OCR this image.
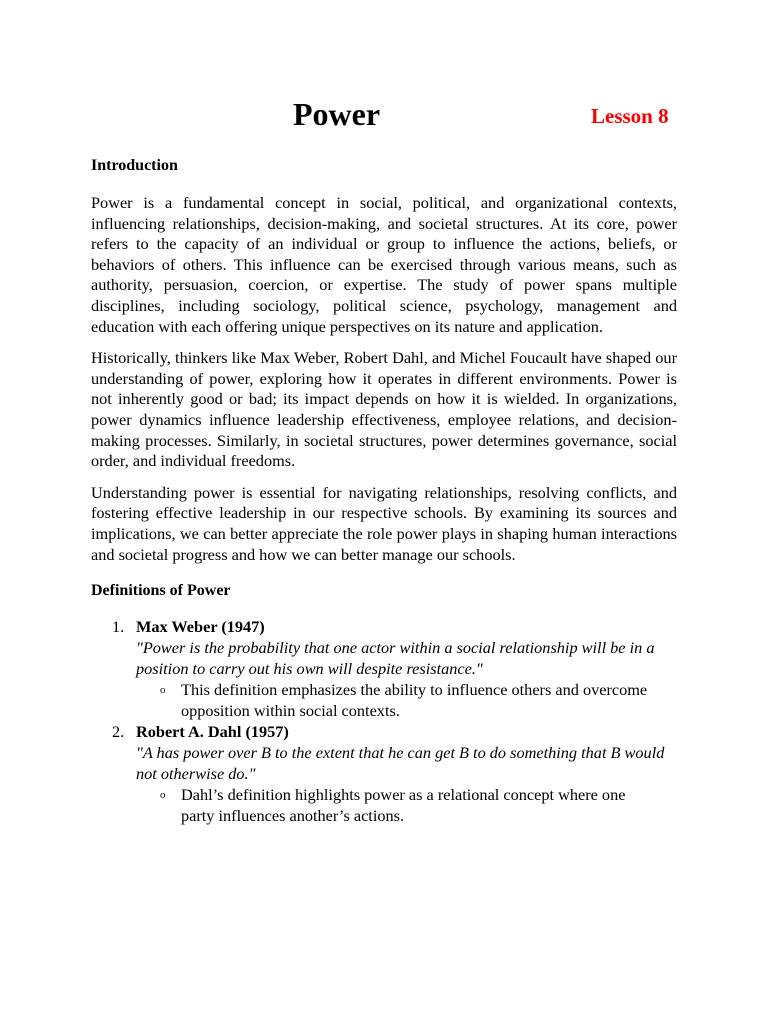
Power	Lesson 8
Introduction

Power is a fundamental concept in social, political, and organizational contexts, influencing relationships, decision-making, and societal structures. At its core, power refers to the capacity of an individual or group to influence the actions, beliefs, or behaviors of others. This influence can be exercised through various means, such as authority, persuasion, coercion, or expertise. The study of power spans multiple disciplines, including sociology, political science, psychology, management and education with each offering unique perspectives on its nature and application.

Historically, thinkers like Max Weber, Robert Dahl, and Michel Foucault have shaped our understanding of power, exploring how it operates in different environments. Power is not inherently good or bad; its impact depends on how it is wielded. In organizations, power dynamics influence leadership effectiveness, employee relations, and decision-making processes. Similarly, in societal structures, power determines governance, social order, and individual freedoms.

Understanding power is essential for navigating relationships, resolving conflicts, and fostering effective leadership in our respective schools. By examining its sources and implications, we can better appreciate the role power plays in shaping human interactions and societal progress and how we can better manage our schools.

Definitions of Power
1. Max Weber (1947)
"Power is the probability that one actor within a social relationship will be in a position to carry out his own will despite resistance."
o This definition emphasizes the ability to influence others and overcome opposition within social contexts.
2. Robert A. Dahl (1957)
"A has power over B to the extent that he can get B to do something that B would not otherwise do."
o Dahl’s definition highlights power as a relational concept where one party influences another’s actions.
